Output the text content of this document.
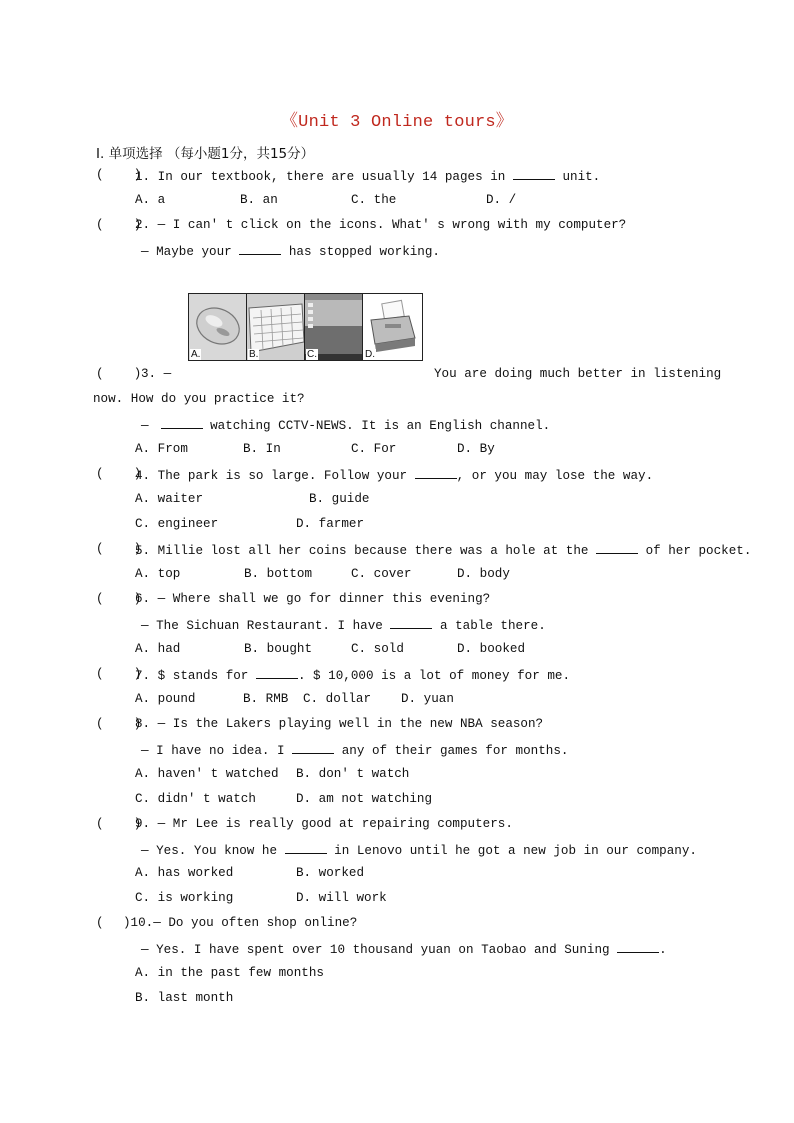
《Unit 3 Online tours》
Ⅰ. 单项选择 （每小题1分，共15分）
(    )
1. In our textbook, there are usually 14 pages in	unit.
A. a	B. an	C. the	D. /
(    )
2. — I can' t click on the icons. What' s wrong with my computer?
— Maybe your	has stopped working.
A.	B.	C.	D.
(    ) 3. —	You are doing much better in listening
now. How do you practice it?
—	watching CCTV-NEWS. It is an English channel.
A. From	B. In	C. For	D. By
(    )
4. The park is so large. Follow your	, or you may lose the way.
A. waiter	B. guide
C. engineer	D. farmer
(    )
5. Millie lost all her coins because there was a hole at the	of her pocket.
A. top	B. bottom	C. cover	D. body
(    )
6. — Where shall we go for dinner this evening?
— The Sichuan Restaurant. I have	a table there.
A. had	B. bought	C. sold	D. booked
(    )
7. $ stands for	. $ 10,000 is a lot of money for me.
A. pound	B. RMB C. dollar D. yuan
(    )
8. — Is the Lakers playing well in the new NBA season?
— I have no idea. I	any of their games for months.
A. haven' t watched B. don' t watch
C. didn' t watch	D. am not watching
(    )
9. — Mr Lee is really good at repairing computers.
— Yes. You know he	in Lenovo until he got a new job in our company.
A. has worked	B. worked
C. is working	D. will work
( )10.— Do you often shop online?
— Yes. I have spent over 10 thousand yuan on Taobao and Suning	.
A. in the past few months
B. last month
